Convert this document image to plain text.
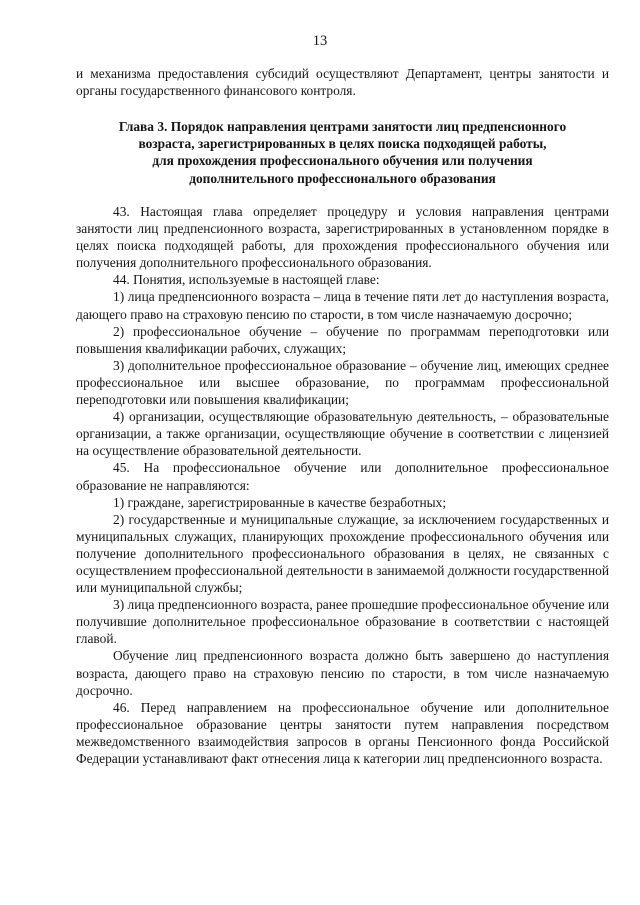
13

и механизма предоставления субсидий осуществляют Департамент, центры занятости и органы государственного финансового контроля.

Глава 3. Порядок направления центрами занятости лиц предпенсионного
возраста, зарегистрированных в целях поиска подходящей работы,
для прохождения профессионального обучения или получения
дополнительного профессионального образования

43. Настоящая глава определяет процедуру и условия направления центрами занятости лиц предпенсионного возраста, зарегистрированных в установленном порядке в целях поиска подходящей работы, для прохождения профессионального обучения или получения дополнительного профессионального образования.

44. Понятия, используемые в настоящей главе:

1) лица предпенсионного возраста – лица в течение пяти лет до наступления возраста, дающего право на страховую пенсию по старости, в том числе назначаемую досрочно;

2) профессиональное обучение – обучение по программам переподготовки или повышения квалификации рабочих, служащих;

3) дополнительное профессиональное образование – обучение лиц, имеющих среднее профессиональное или высшее образование, по программам профессиональной переподготовки или повышения квалификации;

4) организации, осуществляющие образовательную деятельность, – образовательные организации, а также организации, осуществляющие обучение в соответствии с лицензией на осуществление образовательной деятельности.

45. На профессиональное обучение или дополнительное профессиональное образование не направляются:

1) граждане, зарегистрированные в качестве безработных;

2) государственные и муниципальные служащие, за исключением государственных и муниципальных служащих, планирующих прохождение профессионального обучения или получение дополнительного профессионального образования в целях, не связанных с осуществлением профессиональной деятельности в занимаемой должности государственной или муниципальной службы;

3) лица предпенсионного возраста, ранее прошедшие профессиональное обучение или получившие дополнительное профессиональное образование в соответствии с настоящей главой.

Обучение лиц предпенсионного возраста должно быть завершено до наступления возраста, дающего право на страховую пенсию по старости, в том числе назначаемую досрочно.

46. Перед направлением на профессиональное обучение или дополнительное профессиональное образование центры занятости путем направления посредством межведомственного взаимодействия запросов в органы Пенсионного фонда Российской Федерации устанавливают факт отнесения лица к категории лиц предпенсионного возраста.
